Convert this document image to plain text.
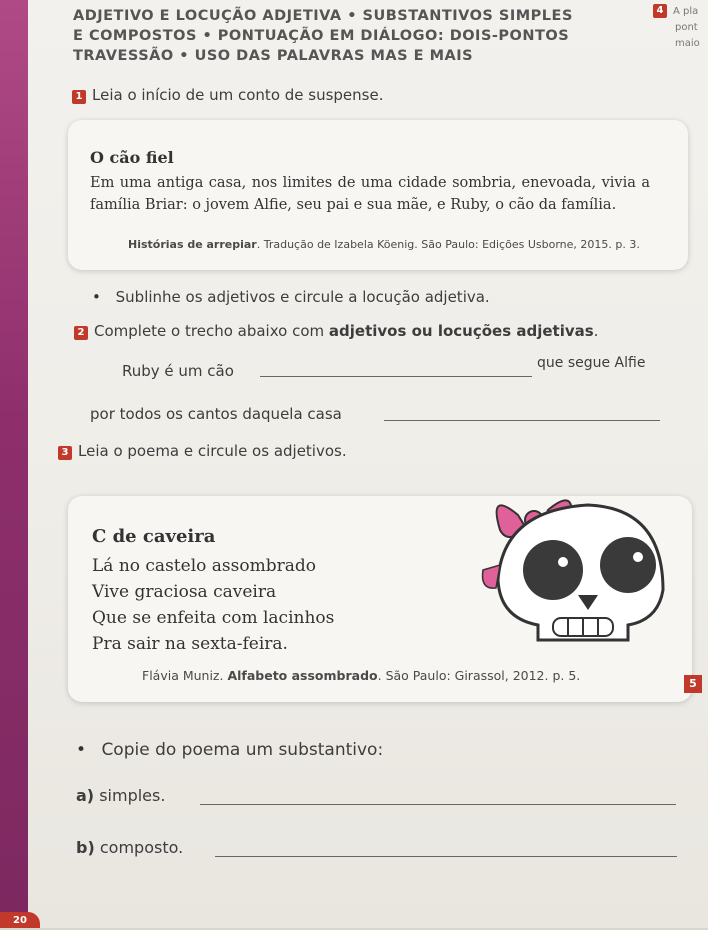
ADJETIVO E LOCUÇÃO ADJETIVA • SUBSTANTIVOS SIMPLES
E COMPOSTOS • PONTUAÇÃO EM DIÁLOGO: DOIS-PONTOS
TRAVESSÃO • USO DAS PALAVRAS MAS E MAIS
4 A pla
pont
maio
1 Leia o início de um conto de suspense.
O cão fiel
Em uma antiga casa, nos limites de uma cidade sombria, enevoada, vivia a família Briar: o jovem Alfie, seu pai e sua mãe, e Ruby, o cão da família.
Histórias de arrepiar. Tradução de Izabela Köenig. São Paulo: Edições Usborne, 2015. p. 3.
• Sublinhe os adjetivos e circule a locução adjetiva.
2 Complete o trecho abaixo com adjetivos ou locuções adjetivas.
Ruby é um cão	que segue Alfie
por todos os cantos daquela casa
3 Leia o poema e circule os adjetivos.
C de caveira
Lá no castelo assombrado
Vive graciosa caveira
Que se enfeita com lacinhos
Pra sair na sexta-feira.
Flávia Muniz. Alfabeto assombrado. São Paulo: Girassol, 2012. p. 5.
5
• Copie do poema um substantivo:
a) simples.
b) composto.
20
